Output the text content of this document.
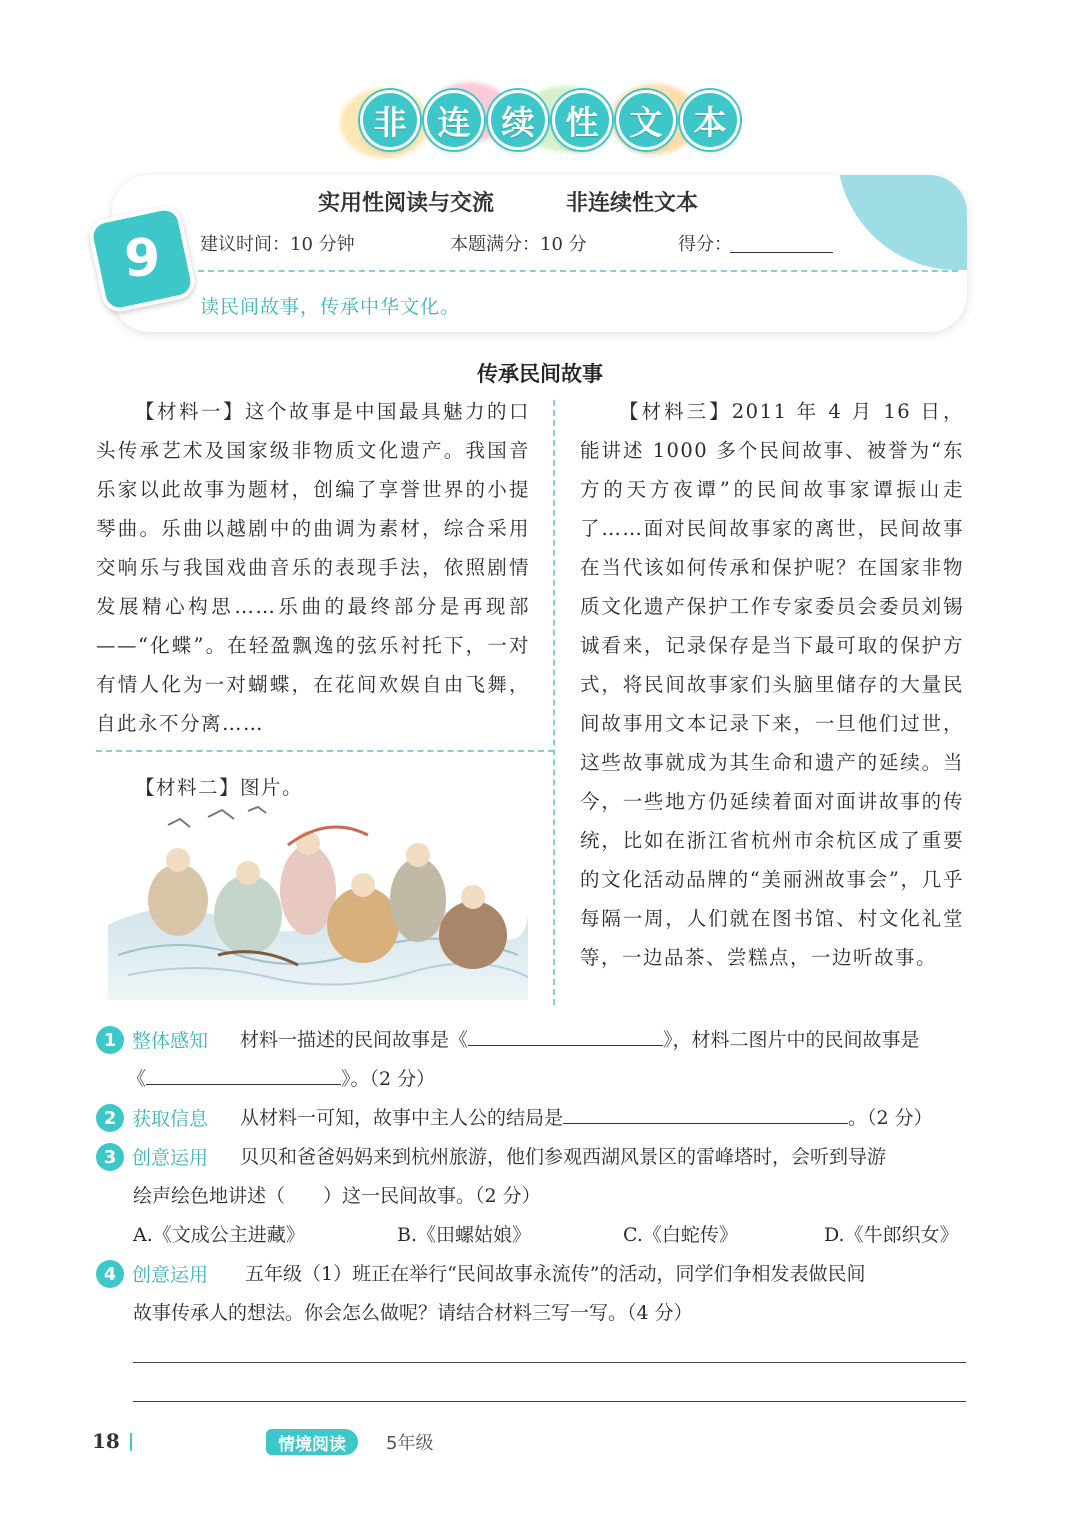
非 连 续 性 文 本
9
实用性阅读与交流	非连续性文本
建议时间：10 分钟	本题满分：10 分	得分：
读民间故事，传承中华文化。
传承民间故事
【材料一】这个故事是中国最具魅力的口头传承艺术及国家级非物质文化遗产。我国音乐家以此故事为题材，创编了享誉世界的小提琴曲。乐曲以越剧中的曲调为素材，综合采用交响乐与我国戏曲音乐的表现手法，依照剧情发展精心构思……乐曲的最终部分是再现部——“化蝶”。在轻盈飘逸的弦乐衬托下，一对有情人化为一对蝴蝶，在花间欢娱自由飞舞，自此永不分离……
【材料二】图片。
【材料三】2011 年 4 月 16 日，能讲述 1000 多个民间故事、被誉为“东方的天方夜谭”的民间故事家谭振山走了……面对民间故事家的离世，民间故事在当代该如何传承和保护呢？在国家非物质文化遗产保护工作专家委员会委员刘锡诚看来，记录保存是当下最可取的保护方式，将民间故事家们头脑里储存的大量民间故事用文本记录下来，一旦他们过世，这些故事就成为其生命和遗产的延续。当今，一些地方仍延续着面对面讲故事的传统，比如在浙江省杭州市余杭区成了重要的文化活动品牌的“美丽洲故事会”，几乎每隔一周，人们就在图书馆、村文化礼堂等，一边品茶、尝糕点，一边听故事。
1 整体感知 材料一描述的民间故事是《	》，材料二图片中的民间故事是
《	》。（2 分）
2 获取信息 从材料一可知，故事中主人公的结局是	。（2 分）
3 创意运用 贝贝和爸爸妈妈来到杭州旅游，他们参观西湖风景区的雷峰塔时，会听到导游
绘声绘色地讲述（　　）这一民间故事。（2 分）
A.《文成公主进藏》	B.《田螺姑娘》	C.《白蛇传》	D.《牛郎织女》
4 创意运用 五年级（1）班正在举行“民间故事永流传”的活动，同学们争相发表做民间
故事传承人的想法。你会怎么做呢？请结合材料三写一写。（4 分）
18	情境阅读	5年级
